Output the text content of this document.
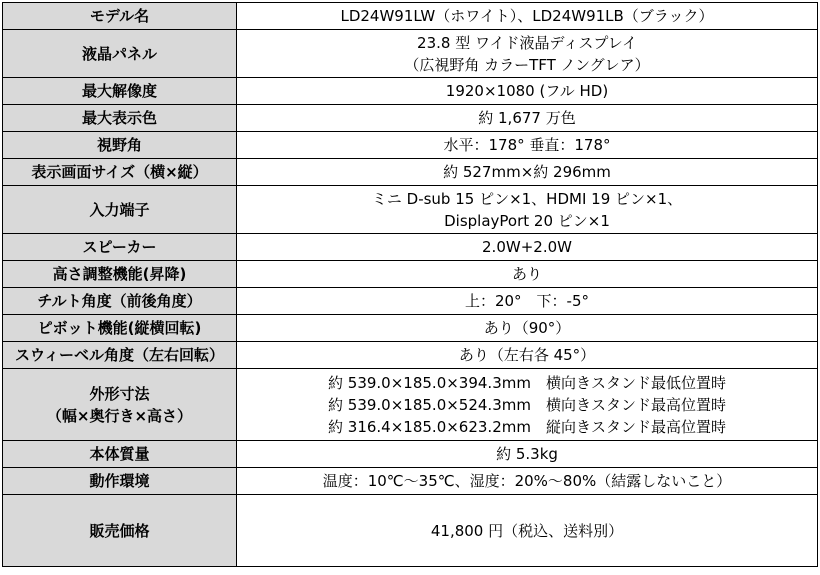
モデル名	LD24W91LW（ホワイト）、LD24W91LB（ブラック）

液晶パネル	23.8 型 ワイド液晶ディスプレイ
（広視野角 カラーTFT ノングレア）

最大解像度	1920×1080 (フル HD)

最大表示色	約 1,677 万色

視野角	水平：178° 垂直：178°

表示画面サイズ（横×縦）	約 527mm×約 296mm

入力端子	ミニ D-sub 15 ピン×1、HDMI 19 ピン×1、
DisplayPort 20 ピン×1

スピーカー	2.0W+2.0W

高さ調整機能(昇降)	あり

チルト角度（前後角度）	上：20°　下：-5°

ピボット機能(縦横回転)	あり（90°）

スウィーベル角度（左右回転）	あり（左右各 45°）

外形寸法
（幅×奥行き×高さ）	約 539.0×185.0×394.3mm　横向きスタンド最低位置時
約 539.0×185.0×524.3mm　横向きスタンド最高位置時
約 316.4×185.0×623.2mm　縦向きスタンド最高位置時

本体質量	約 5.3kg

動作環境	温度：10℃～35℃、湿度：20%～80%（結露しないこと）

販売価格	41,800 円（税込、送料別）
